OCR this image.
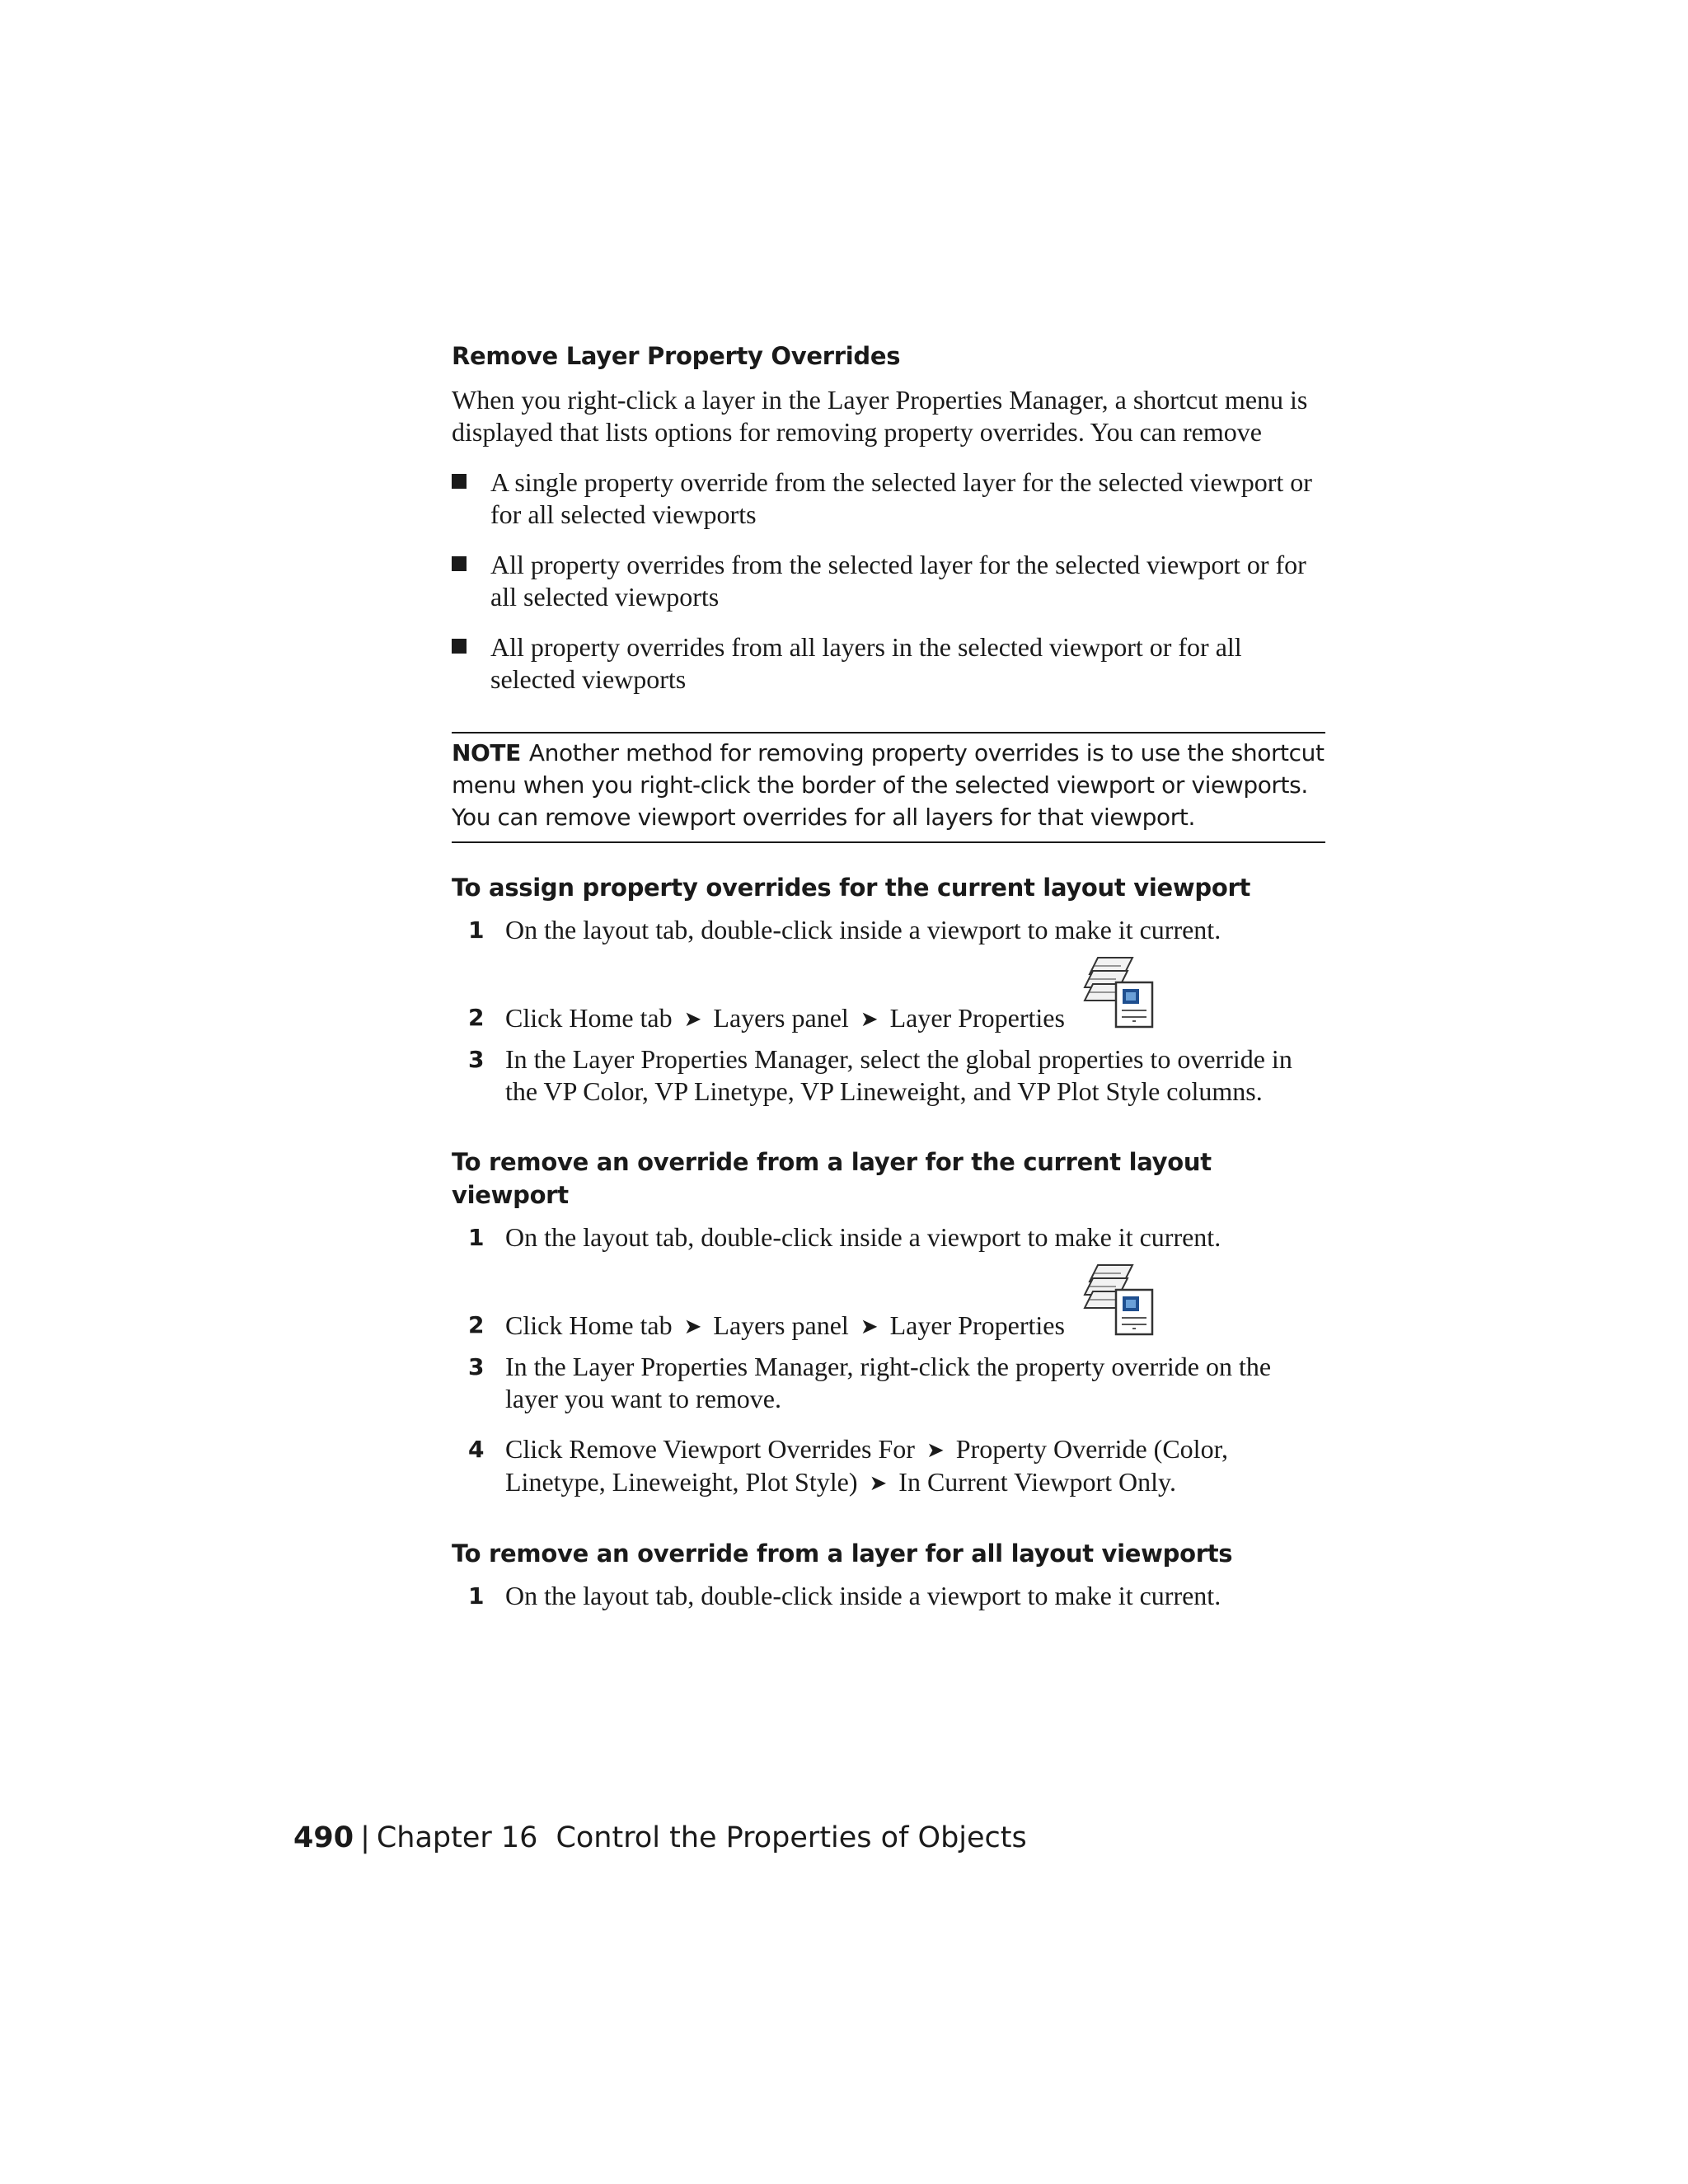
Remove Layer Property Overrides

When you right-click a layer in the Layer Properties Manager, a shortcut menu is displayed that lists options for removing property overrides. You can remove

A single property override from the selected layer for the selected viewport or for all selected viewports
All property overrides from the selected layer for the selected viewport or for all selected viewports
All property overrides from all layers in the selected viewport or for all selected viewports
NOTE Another method for removing property overrides is to use the shortcut menu when you right-click the border of the selected viewport or viewports. You can remove viewport overrides for all layers for that viewport.
To assign property overrides for the current layout viewport
1 On the layout tab, double-click inside a viewport to make it current.
2 Click Home tab ➤ Layers panel ➤ Layer Properties
3 In the Layer Properties Manager, select the global properties to override in the VP Color, VP Linetype, VP Lineweight, and VP Plot Style columns.
To remove an override from a layer for the current layout viewport
1 On the layout tab, double-click inside a viewport to make it current.
2 Click Home tab ➤ Layers panel ➤ Layer Properties
3 In the Layer Properties Manager, right-click the property override on the layer you want to remove.
4 Click Remove Viewport Overrides For ➤ Property Override (Color, Linetype, Lineweight, Plot Style) ➤ In Current Viewport Only.
To remove an override from a layer for all layout viewports
1 On the layout tab, double-click inside a viewport to make it current.
490 | Chapter 16 Control the Properties of Objects
